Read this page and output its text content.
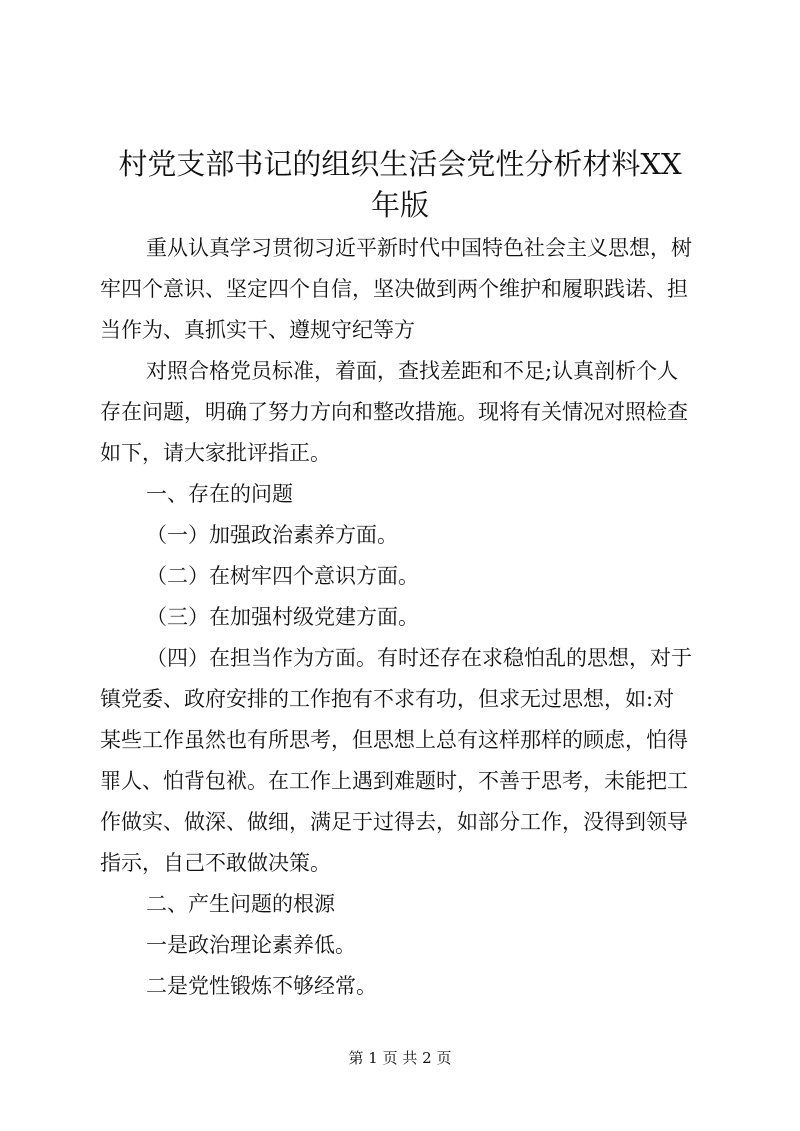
村党支部书记的组织生活会党性分析材料XX
年版
重从认真学习贯彻习近平新时代中国特色社会主义思想，树
牢四个意识、坚定四个自信，坚决做到两个维护和履职践诺、担
当作为、真抓实干、遵规守纪等方
对照合格党员标准，着面，查找差距和不足;认真剖析个人
存在问题，明确了努力方向和整改措施。现将有关情况对照检查
如下，请大家批评指正。
一、存在的问题
（一）加强政治素养方面。
（二）在树牢四个意识方面。
（三）在加强村级党建方面。
（四）在担当作为方面。有时还存在求稳怕乱的思想，对于
镇党委、政府安排的工作抱有不求有功，但求无过思想，如:对
某些工作虽然也有所思考，但思想上总有这样那样的顾虑，怕得
罪人、怕背包袱。在工作上遇到难题时，不善于思考，未能把工
作做实、做深、做细，满足于过得去，如部分工作，没得到领导
指示，自己不敢做决策。
二、产生问题的根源
一是政治理论素养低。
二是党性锻炼不够经常。
第 1 页 共 2 页
